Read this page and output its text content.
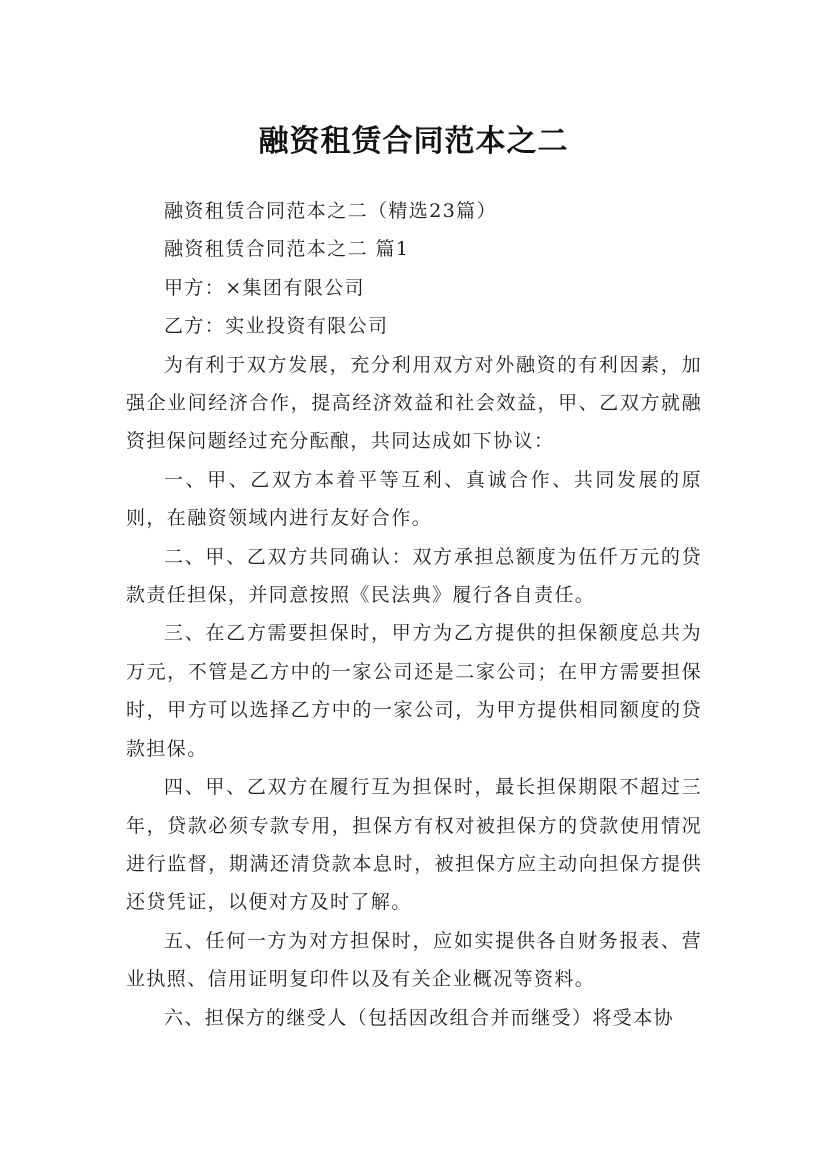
融资租赁合同范本之二

融资租赁合同范本之二（精选23篇）

融资租赁合同范本之二 篇1

甲方：×集团有限公司

乙方：实业投资有限公司

为有利于双方发展，充分利用双方对外融资的有利因素，加强企业间经济合作，提高经济效益和社会效益，甲、乙双方就融资担保问题经过充分酝酿，共同达成如下协议：

一、甲、乙双方本着平等互利、真诚合作、共同发展的原则，在融资领域内进行友好合作。

二、甲、乙双方共同确认：双方承担总额度为伍仟万元的贷款责任担保，并同意按照《民法典》履行各自责任。

三、在乙方需要担保时，甲方为乙方提供的担保额度总共为万元，不管是乙方中的一家公司还是二家公司；在甲方需要担保时，甲方可以选择乙方中的一家公司，为甲方提供相同额度的贷款担保。

四、甲、乙双方在履行互为担保时，最长担保期限不超过三年，贷款必须专款专用，担保方有权对被担保方的贷款使用情况进行监督，期满还清贷款本息时，被担保方应主动向担保方提供还贷凭证，以便对方及时了解。

五、任何一方为对方担保时，应如实提供各自财务报表、营业执照、信用证明复印件以及有关企业概况等资料。

六、担保方的继受人（包括因改组合并而继受）将受本协
